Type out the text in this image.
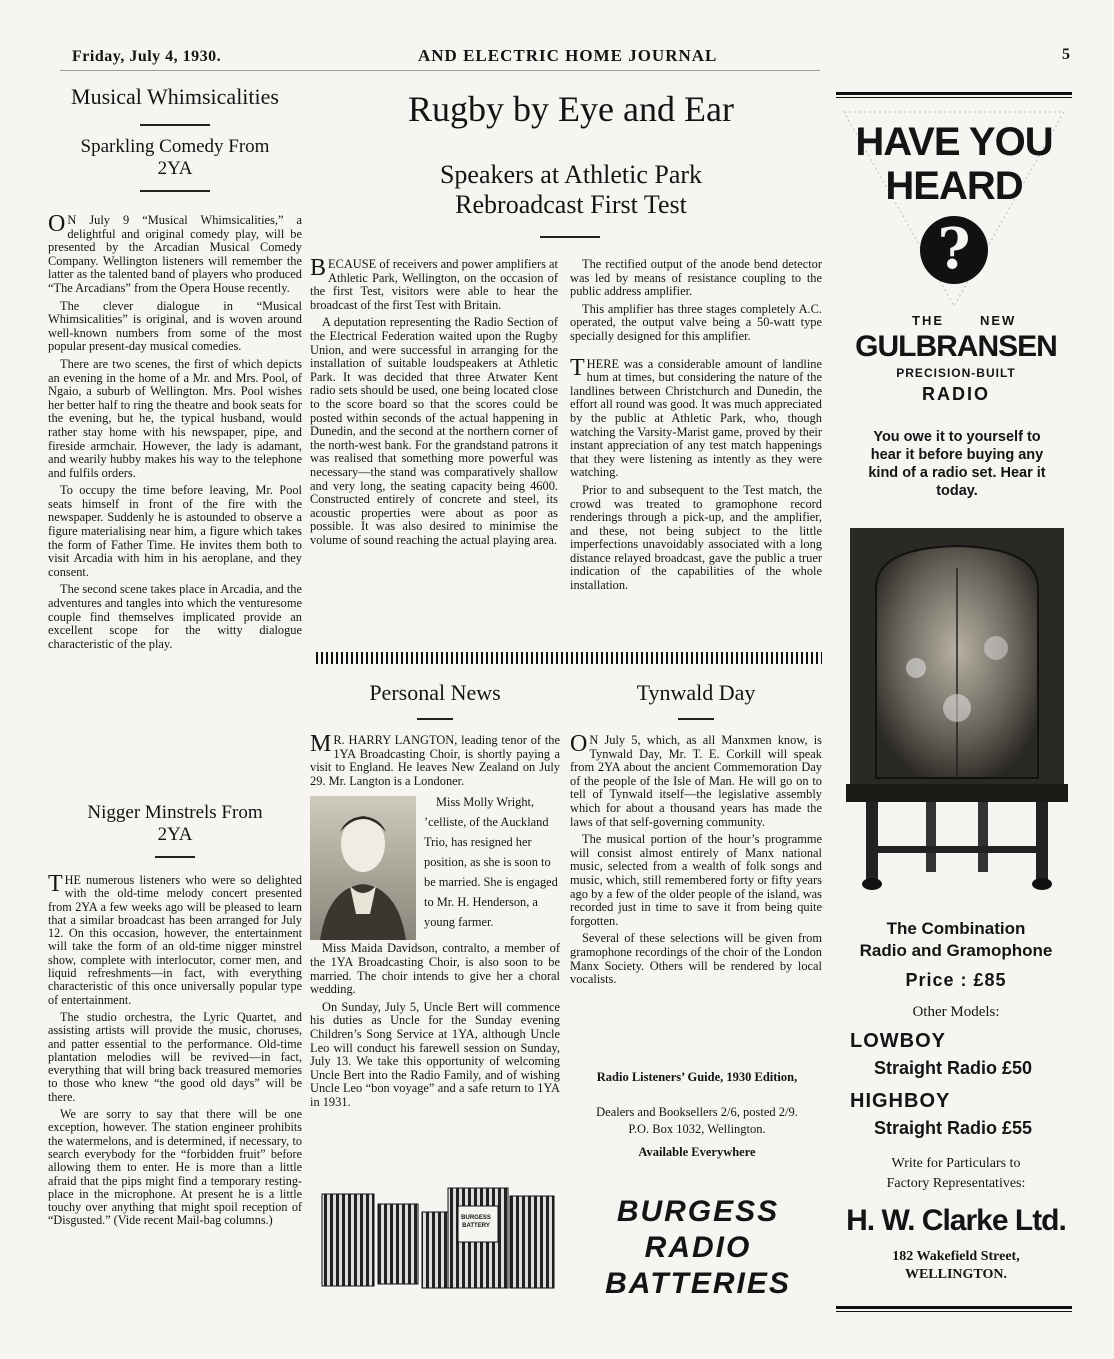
Friday, July 4, 1930.	AND ELECTRIC HOME JOURNAL	5
Musical Whimsicalities
Sparkling Comedy From
2YA

O N July 9 “Musical Whimsicalities,” a delightful and original comedy play, will be presented by the Arcadian Musical Comedy Company. Wellington listeners will remember the latter as the talented band of players who produced “The Arcadians” from the Opera House recently.

The clever dialogue in “Musical Whimsicalities” is original, and is woven around well-known numbers from some of the most popular present-day musical comedies.

There are two scenes, the first of which depicts an evening in the home of a Mr. and Mrs. Pool, of Ngaio, a suburb of Wellington. Mrs. Pool wishes her better half to ring the theatre and book seats for the evening, but he, the typical husband, would rather stay home with his newspaper, pipe, and fireside armchair. However, the lady is adamant, and wearily hubby makes his way to the telephone and fulfils orders.

To occupy the time before leaving, Mr. Pool seats himself in front of the fire with the newspaper. Suddenly he is astounded to observe a figure materialising near him, a figure which takes the form of Father Time. He invites them both to visit Arcadia with him in his aeroplane, and they consent.

The second scene takes place in Arcadia, and the adventures and tangles into which the venturesome couple find themselves implicated provide an excellent scope for the witty dialogue characteristic of the play.

Nigger Minstrels From
2YA

THE numerous listeners who were so delighted with the old-time melody concert presented from 2YA a few weeks ago will be pleased to learn that a similar broadcast has been arranged for July 12. On this occasion, however, the entertainment will take the form of an old-time nigger minstrel show, complete with interlocutor, corner men, and liquid refreshments—in fact, with everything characteristic of this once universally popular type of entertainment.

The studio orchestra, the Lyric Quartet, and assisting artists will provide the music, choruses, and patter essential to the performance. Old-time plantation melodies will be revived—in fact, everything that will bring back treasured memories to those who knew “the good old days” will be there.

We are sorry to say that there will be one exception, however. The station engineer prohibits the watermelons, and is determined, if necessary, to search everybody for the “forbidden fruit” before allowing them to enter. He is more than a little afraid that the pips might find a temporary resting-place in the microphone. At present he is a little touchy over anything that might spoil reception of “Disgusted.” (Vide recent Mail-bag columns.)

Rugby by Eye and Ear
Speakers at Athletic Park
Rebroadcast First Test

BECAUSE of receivers and power amplifiers at Athletic Park, Wellington, on the occasion of the first Test, visitors were able to hear the broadcast of the first Test with Britain.

A deputation representing the Radio Section of the Electrical Federation waited upon the Rugby Union, and were successful in arranging for the installation of suitable loudspeakers at Athletic Park. It was decided that three Atwater Kent radio sets should be used, one being located close to the score board so that the scores could be posted within seconds of the actual happening in Dunedin, and the second at the northern corner of the north-west bank. For the grandstand patrons it was realised that something more powerful was necessary—the stand was comparatively shallow and very long, the seating capacity being 4600. Constructed entirely of concrete and steel, its acoustic properties were about as poor as possible. It was also desired to minimise the volume of sound reaching the actual playing area.

The rectified output of the anode bend detector was led by means of resistance coupling to the public address amplifier.

This amplifier has three stages completely A.C. operated, the output valve being a 50-watt type specially designed for this amplifier.

THERE was a considerable amount of landline hum at times, but considering the nature of the landlines between Christchurch and Dunedin, the effort all round was good. It was much appreciated by the public at Athletic Park, who, though watching the Varsity-Marist game, proved by their instant appreciation of any test match happenings that they were listening as intently as they were watching.

Prior to and subsequent to the Test match, the crowd was treated to gramophone record renderings through a pick-up, and the amplifier, and these, not being subject to the little imperfections unavoidably associated with a long distance relayed broadcast, gave the public a truer indication of the capabilities of the whole installation.

Personal News

M R. HARRY LANGTON, leading tenor of the 1YA Broadcasting Choir, is shortly paying a visit to England. He leaves New Zealand on July 29. Mr. Langton is a Londoner.

Miss Molly Wright, ’celliste, of the Auckland Trio, has resigned her position, as she is soon to be married. She is engaged to Mr. H. Henderson, a young farmer.

Miss Maida Davidson, contralto, a member of the 1YA Broadcasting Choir, is also soon to be married. The choir intends to give her a choral wedding.

On Sunday, July 5, Uncle Bert will commence his duties as Uncle for the Sunday evening Children’s Song Service at 1YA, although Uncle Leo will conduct his farewell session on Sunday, July 13. We take this opportunity of welcoming Uncle Bert into the Radio Family, and of wishing Uncle Leo “bon voyage” and a safe return to 1YA in 1931.

Tynwald Day

O N July 5, which, as all Manxmen know, is Tynwald Day, Mr. T. E. Corkill will speak from 2YA about the ancient Commemoration Day of the people of the Isle of Man. He will go on to tell of Tynwald itself—the legislative assembly which for about a thousand years has made the laws of that self-governing community.

The musical portion of the hour’s programme will consist almost entirely of Manx national music, selected from a wealth of folk songs and music, which, still remembered forty or fifty years ago by a few of the older people of the island, was recorded just in time to save it from being quite forgotten.

Several of these selections will be given from gramophone recordings of the choir of the London Manx Society. Others will be rendered by local vocalists.

Radio Listeners’ Guide, 1930 Edition,
Dealers and Booksellers 2/6, posted 2/9.
P.O. Box 1032, Wellington.
Available Everywhere
BURGESS BATTERY	BURGESS
RADIO
BATTERIES
?
HAVE YOU
HEARD
THE	NEW
GULBRANSEN
PRECISION-BUILT
RADIO
You owe it to yourself to hear it before buying any kind of a radio set. Hear it today.
The Combination
Radio and Gramophone
Price : £85
Other Models:
LOWBOY
Straight Radio £50
HIGHBOY
Straight Radio £55
Write for Particulars to
Factory Representatives:
H. W. Clarke Ltd.
182 Wakefield Street,
WELLINGTON.
